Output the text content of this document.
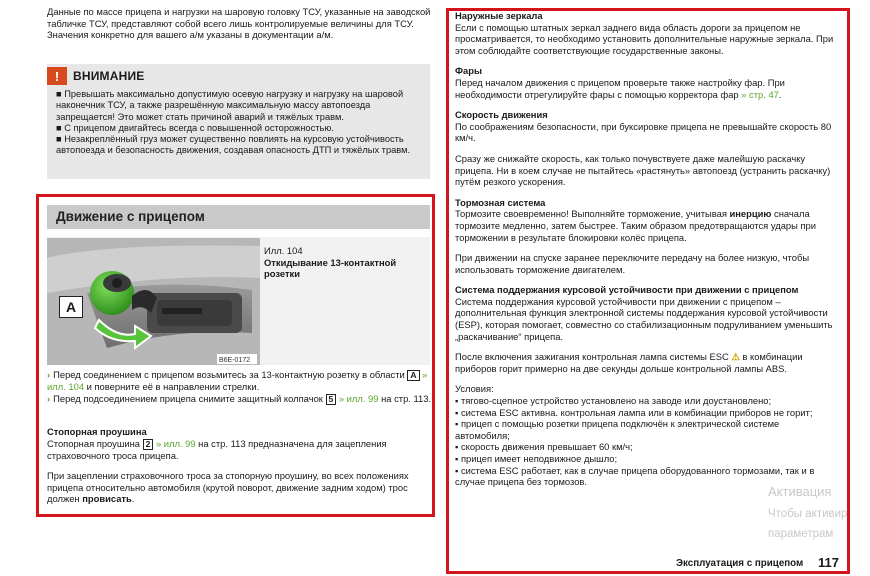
Данные по массе прицепа и нагрузки на шаровую головку ТСУ, указанные на заводской табличке ТСУ, представляют собой всего лишь контролируемые величины для ТСУ. Значения конкретно для вашего а/м указаны в документации а/м.

!	ВНИМАНИЕ

■ Превышать максимально допустимую осевую нагрузку и нагрузку на шаровой наконечник ТСУ, а также разрешённую максимальную массу автопоезда запрещается! Это может стать причиной аварий и тяжёлых травм.

■ С прицепом двигайтесь всегда с повышенной осторожностью.

■ Незакреплённый груз может существенно повлиять на курсовую устойчивость автопоезда и безопасность движения, создавая опасность ДТП и тяжёлых травм.

Движение с прицепом
B6E-0172
A

Илл. 104

Откидывание 13-контактной розетки

› Перед соединением с прицепом возьмитесь за 13-контактную розетку в области A » илл. 104 и поверните её в направлении стрелки.

› Перед подсоединением прицепа снимите защитный колпачок 5 » илл. 99 на стр. 113.

Стопорная проушина

Стопорная проушина 2 » илл. 99 на стр. 113 предназначена для зацепления страховочного троса прицепа.

При зацеплении страховочного троса за стопорную проушину, во всех положениях прицепа относительно автомобиля (крутой поворот, движение задним ходом) трос должен провисать.

Наружные зеркала

Если с помощью штатных зеркал заднего вида область дороги за прицепом не просматривается, то необходимо установить дополнительные наружные зеркала. При этом соблюдайте соответствующие государственные законы.

Фары

Перед началом движения с прицепом проверьте также настройку фар. При необходимости отрегулируйте фары с помощью корректора фар » стр. 47.

Скорость движения

По соображениям безопасности, при буксировке прицепа не превышайте скорость 80 км/ч.

Сразу же снижайте скорость, как только почувствуете даже малейшую раскачку прицепа. Ни в коем случае не пытайтесь «растянуть» автопоезд (устранить раскачку) путём резкого ускорения.

Тормозная система

Тормозите своевременно! Выполняйте торможение, учитывая инерцию сначала тормозите медленно, затем быстрее. Таким образом предотвращаются удары при торможении в результате блокировки колёс прицепа.

При движении на спуске заранее переключите передачу на более низкую, чтобы использовать торможение двигателем.

Система поддержания курсовой устойчивости при движении с прицепом

Система поддержания курсовой устойчивости при движении с прицепом – дополнительная функция электронной системы поддержания курсовой устойчивости (ESP), которая помогает, совместно со стабилизационным подруливанием уменьшить „раскачивание“ прицепа.

После включения зажигания контрольная лампа системы ESC ⚠ в комбинации приборов горит примерно на две секунды дольше контрольной лампы ABS.

Условия:

▪ тягово-сцепное устройство установлено на заводе или доустановлено;

▪ система ESC активна. контрольная лампа или в комбинации приборов не горит;

▪ прицеп с помощью розетки прицепа подключён к электрической системе автомобиля;

▪ скорость движения превышает 60 км/ч;

▪ прицеп имеет неподвижное дышло;

▪ система ESC работает, как в случае прицепа оборудованного тормозами, так и в случае прицепа без тормозов.

Эксплуатация с прицепом 117
Активация
Чтобы активир
параметрам
